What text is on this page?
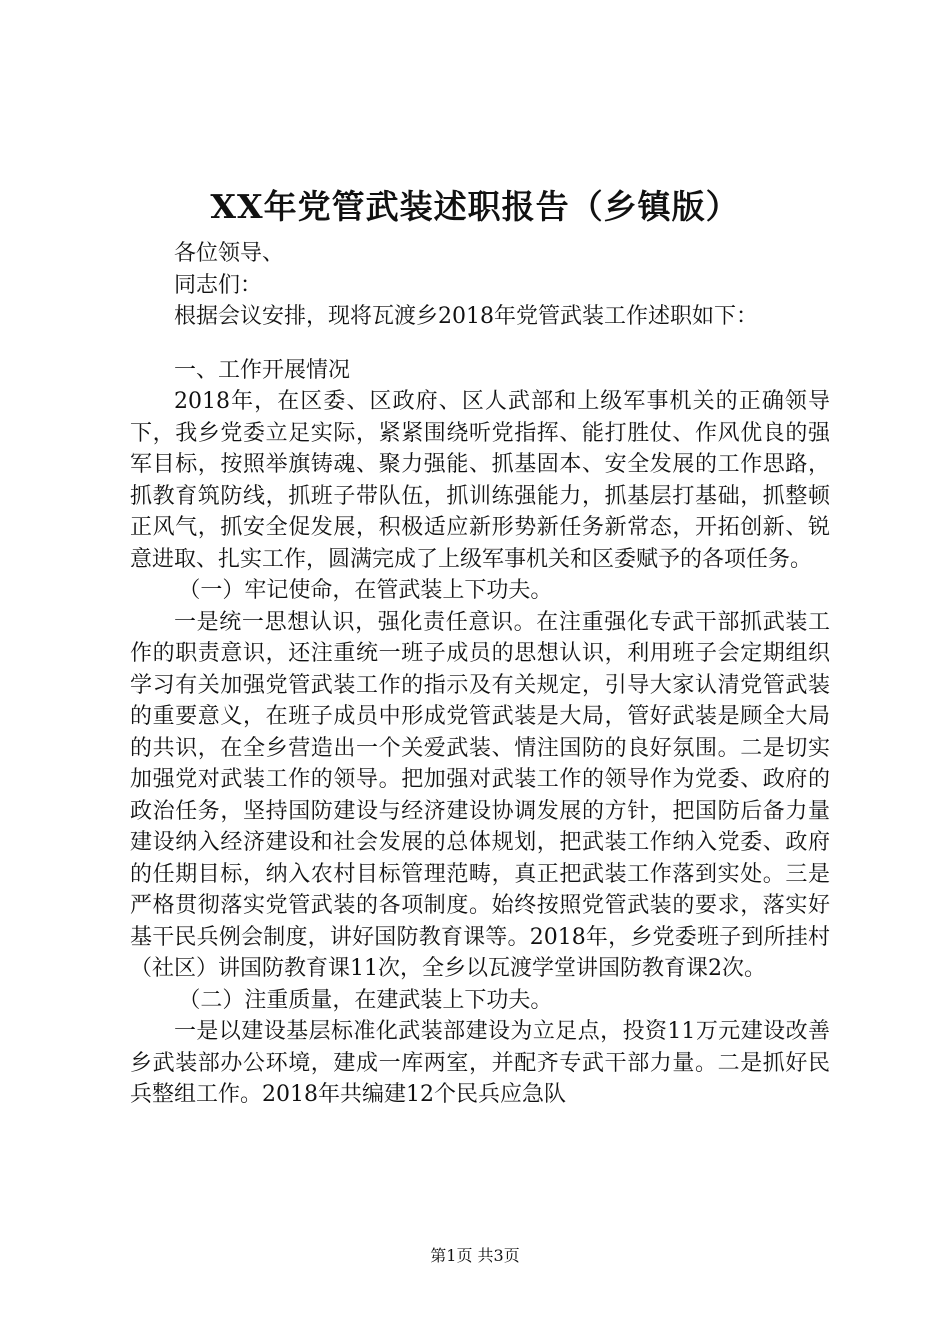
XX年党管武装述职报告（乡镇版）

各位领导、

同志们：

根据会议安排，现将瓦渡乡2018年党管武装工作述职如下：

一、工作开展情况

2018年，在区委、区政府、区人武部和上级军事机关的正确领导下，我乡党委立足实际，紧紧围绕听党指挥、能打胜仗、作风优良的强军目标，按照举旗铸魂、聚力强能、抓基固本、安全发展的工作思路，抓教育筑防线，抓班子带队伍，抓训练强能力，抓基层打基础，抓整顿正风气，抓安全促发展，积极适应新形势新任务新常态，开拓创新、锐意进取、扎实工作，圆满完成了上级军事机关和区委赋予的各项任务。

（一）牢记使命，在管武装上下功夫。

一是统一思想认识，强化责任意识。在注重强化专武干部抓武装工作的职责意识，还注重统一班子成员的思想认识，利用班子会定期组织学习有关加强党管武装工作的指示及有关规定，引导大家认清党管武装的重要意义，在班子成员中形成党管武装是大局，管好武装是顾全大局的共识，在全乡营造出一个关爱武装、情注国防的良好氛围。二是切实加强党对武装工作的领导。把加强对武装工作的领导作为党委、政府的政治任务，坚持国防建设与经济建设协调发展的方针，把国防后备力量建设纳入经济建设和社会发展的总体规划，把武装工作纳入党委、政府的任期目标，纳入农村目标管理范畴，真正把武装工作落到实处。三是严格贯彻落实党管武装的各项制度。始终按照党管武装的要求，落实好基干民兵例会制度，讲好国防教育课等。2018年，乡党委班子到所挂村（社区）讲国防教育课11次，全乡以瓦渡学堂讲国防教育课2次。

（二）注重质量，在建武装上下功夫。

一是以建设基层标准化武装部建设为立足点，投资11万元建设改善乡武装部办公环境，建成一库两室，并配齐专武干部力量。二是抓好民兵整组工作。2018年共编建12个民兵应急队

第1页 共3页
